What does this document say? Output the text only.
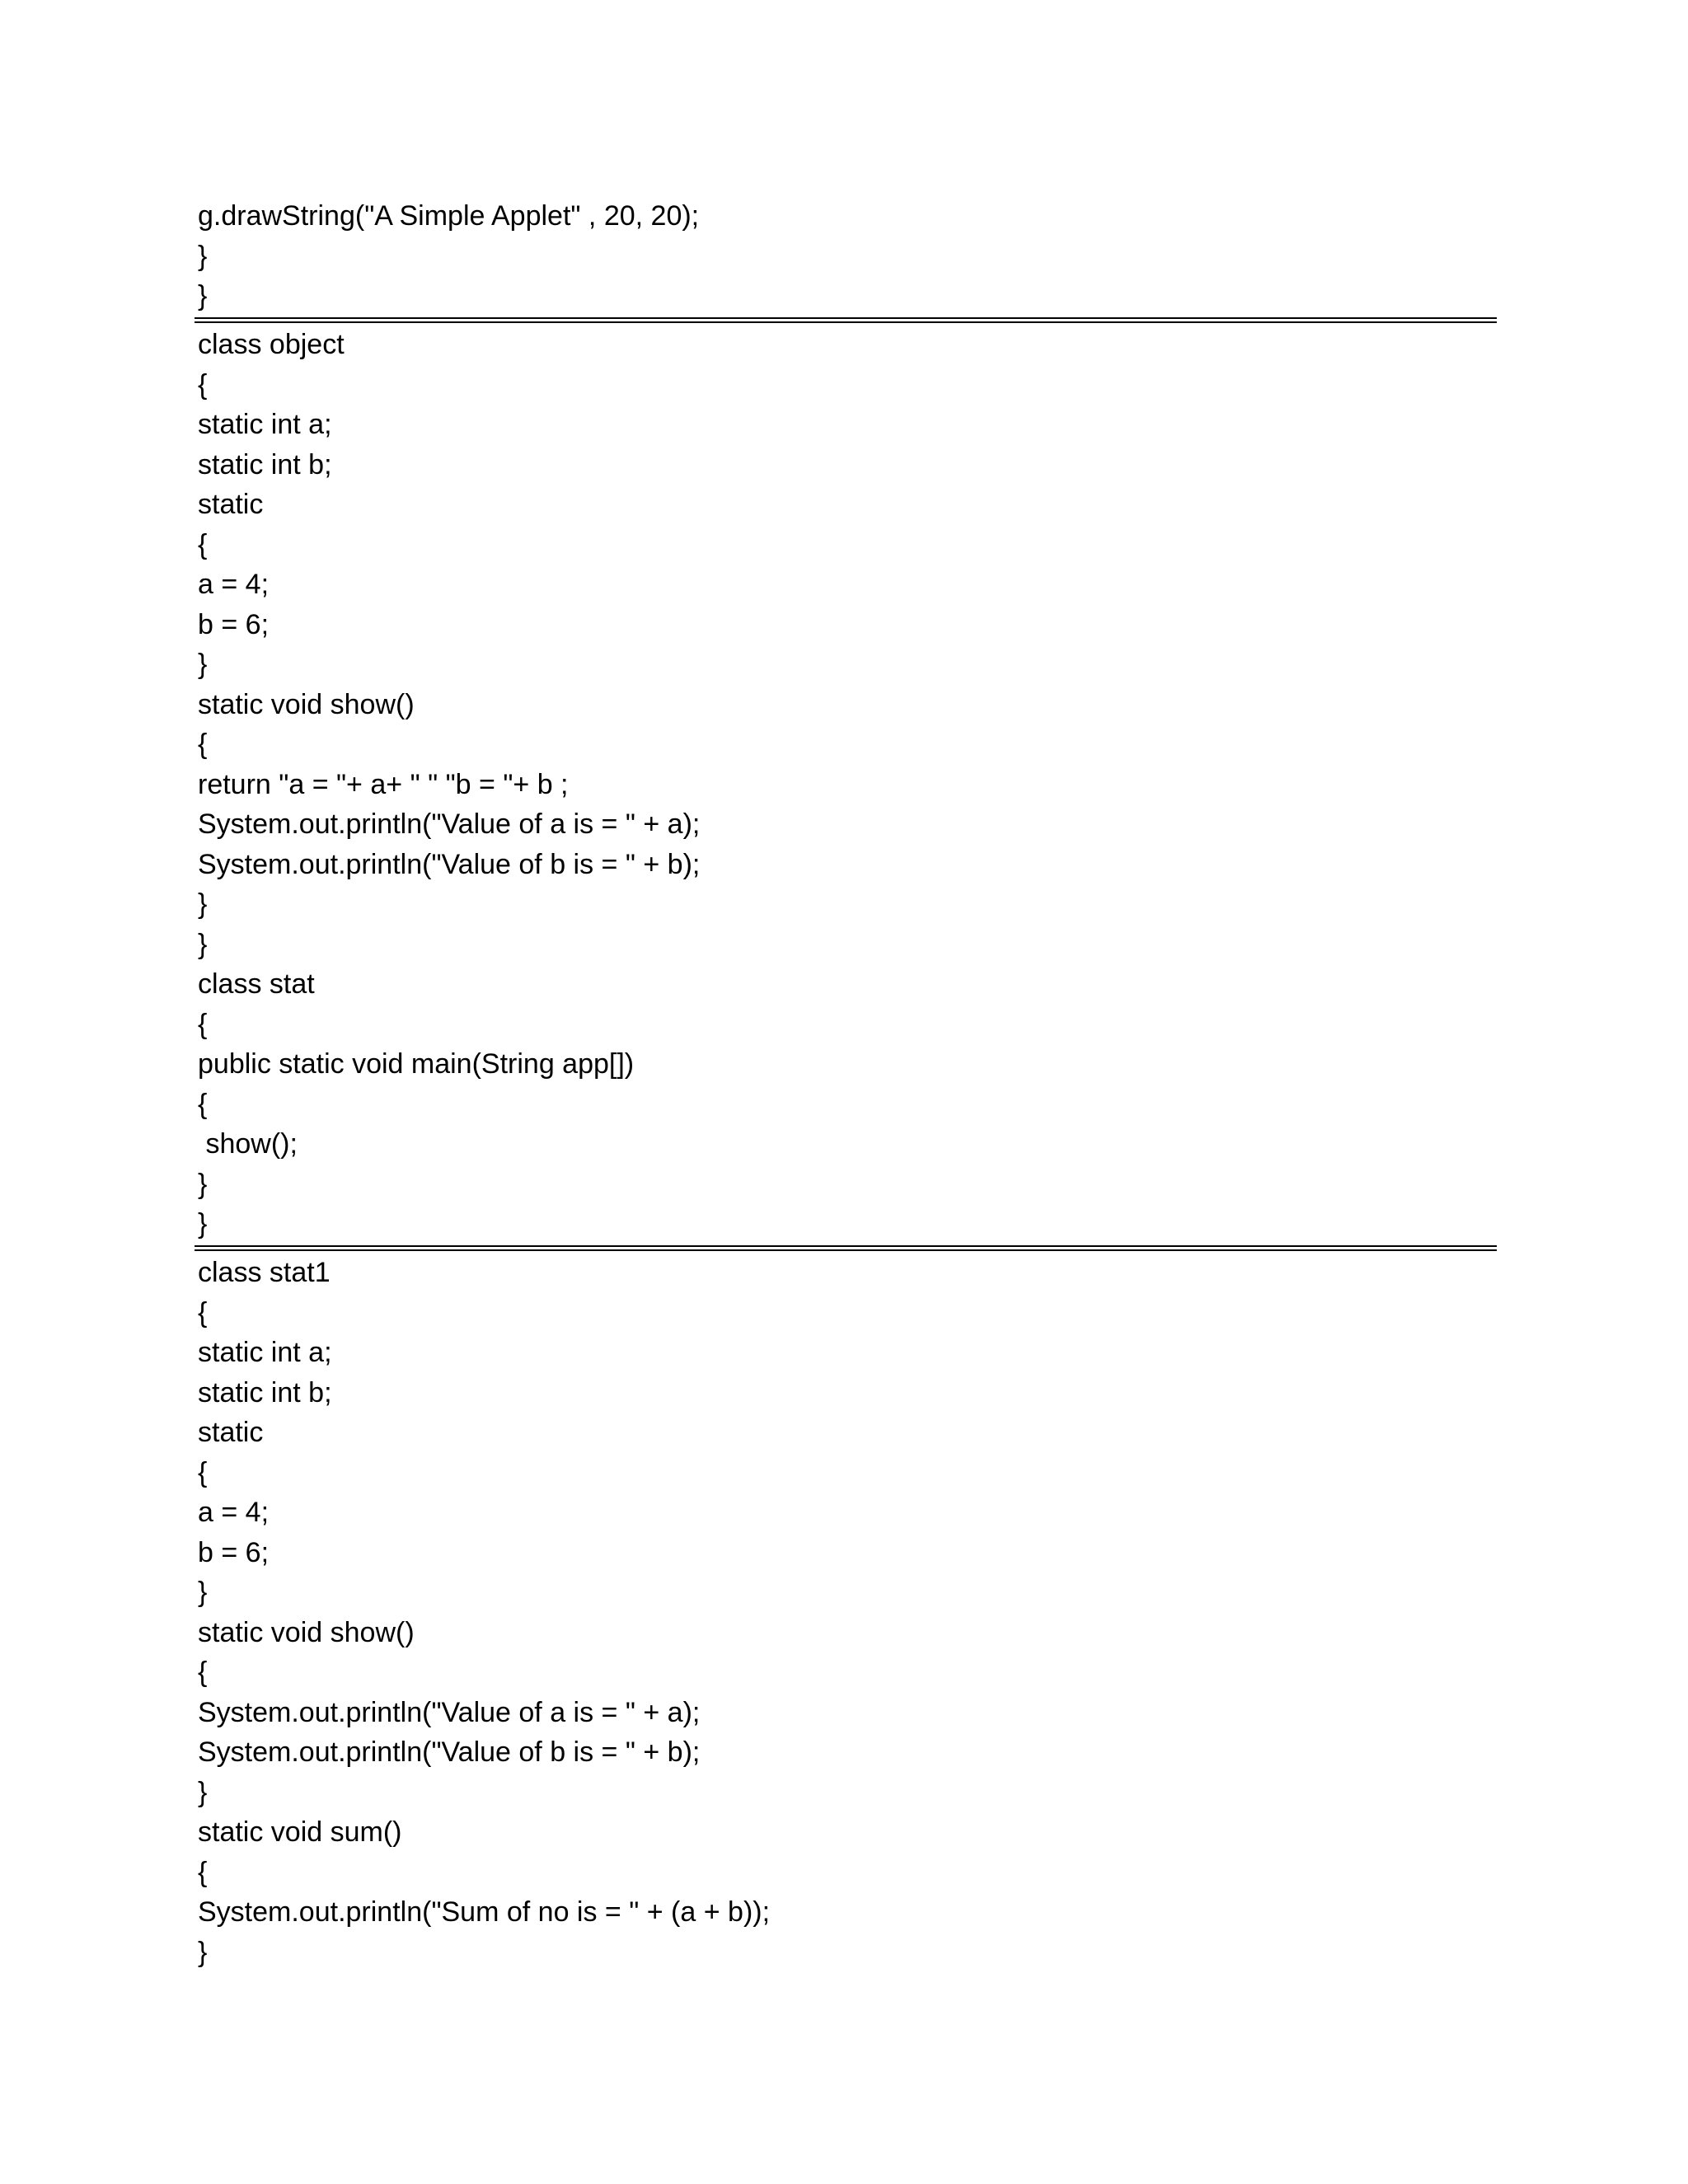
g.drawString("A Simple Applet" , 20, 20);
}
}
class object
{
static int a;
static int b;
static
{
a = 4;
b = 6;
}
static void show()
{
return "a = "+ a+ " " "b = "+ b ;
System.out.println("Value of a is = " + a);
System.out.println("Value of b is = " + b);
}
}
class stat
{
public static void main(String app[])
{
show();
}
}
class stat1
{
static int a;
static int b;
static
{
a = 4;
b = 6;
}
static void show()
{
System.out.println("Value of a is = " + a);
System.out.println("Value of b is = " + b);
}
static void sum()
{
System.out.println("Sum of no is = " + (a + b));
}
